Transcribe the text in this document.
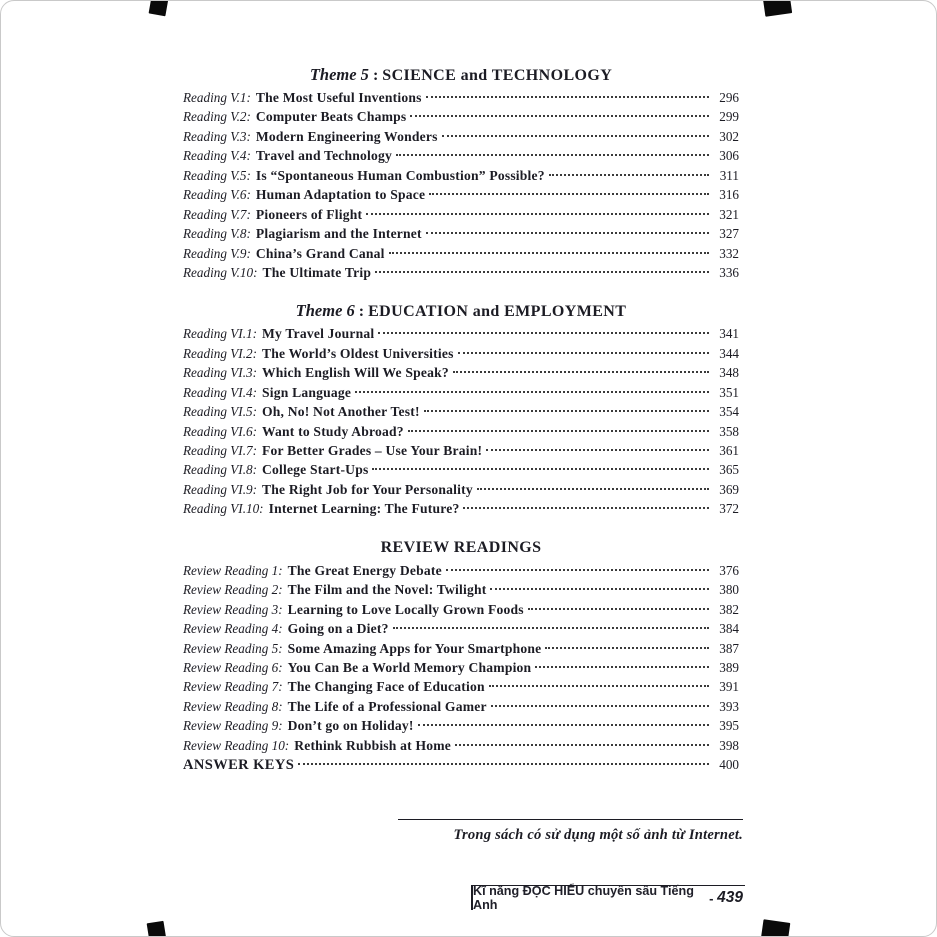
Theme 5 : SCIENCE and TECHNOLOGY
Reading V.1: The Most Useful Inventions	296
Reading V.2: Computer Beats Champs	299
Reading V.3: Modern Engineering Wonders	302
Reading V.4: Travel and Technology	306
Reading V.5: Is “Spontaneous Human Combustion” Possible?	311
Reading V.6: Human Adaptation to Space	316
Reading V.7: Pioneers of Flight	321
Reading V.8: Plagiarism and the Internet	327
Reading V.9: China’s Grand Canal	332
Reading V.10: The Ultimate Trip	336
Theme 6 : EDUCATION and EMPLOYMENT
Reading VI.1: My Travel Journal	341
Reading VI.2: The World’s Oldest Universities	344
Reading VI.3: Which English Will We Speak?	348
Reading VI.4: Sign Language	351
Reading VI.5: Oh, No! Not Another Test!	354
Reading VI.6: Want to Study Abroad?	358
Reading VI.7: For Better Grades – Use Your Brain!	361
Reading VI.8: College Start-Ups	365
Reading VI.9: The Right Job for Your Personality	369
Reading VI.10: Internet Learning: The Future?	372
REVIEW READINGS
Review Reading 1: The Great Energy Debate	376
Review Reading 2: The Film and the Novel: Twilight	380
Review Reading 3: Learning to Love Locally Grown Foods	382
Review Reading 4: Going on a Diet?	384
Review Reading 5: Some Amazing Apps for Your Smartphone	387
Review Reading 6: You Can Be a World Memory Champion	389
Review Reading 7: The Changing Face of Education	391
Review Reading 8: The Life of a Professional Gamer	393
Review Reading 9: Don’t go on Holiday!	395
Review Reading 10: Rethink Rubbish at Home	398
ANSWER KEYS	400
Trong sách có sử dụng một số ảnh từ Internet.
Kĩ năng ĐỌC HIỂU chuyên sâu Tiếng Anh	- 439
